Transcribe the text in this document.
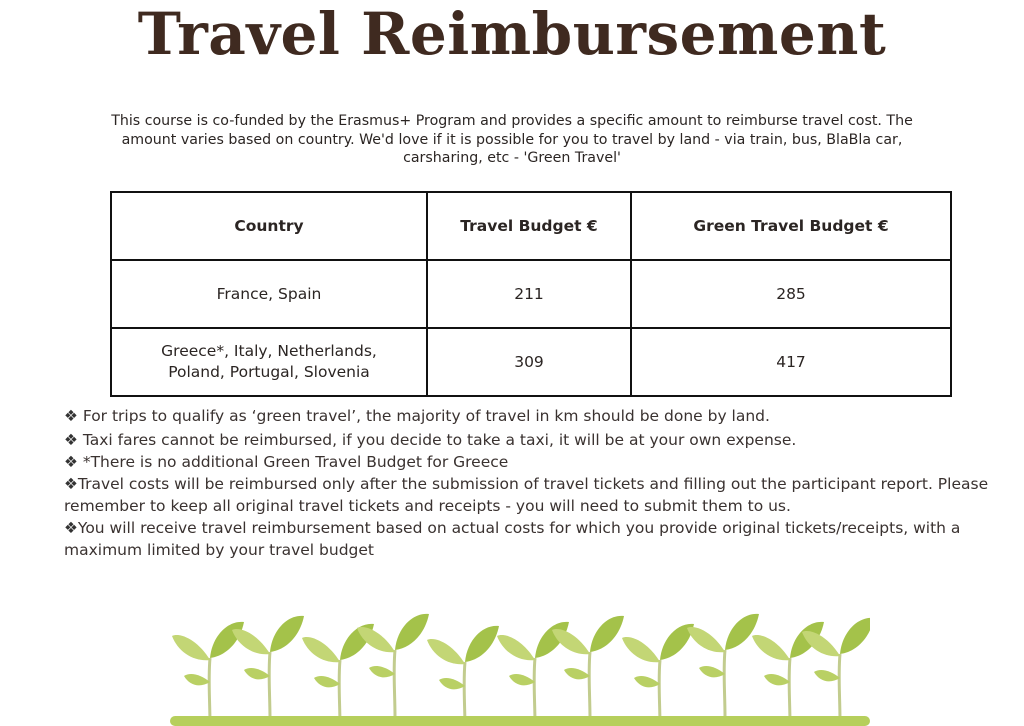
Travel Reimbursement

This course is co-funded by the Erasmus+ Program and provides a specific amount to reimburse travel cost. The amount varies based on country. We'd love if it is possible for you to travel by land - via train, bus, BlaBla car, carsharing, etc - 'Green Travel'

Country	Travel Budget €	Green Travel Budget €
France, Spain	211	285
Greece*, Italy, Netherlands, Poland, Portugal, Slovenia	309	417

❖ For trips to qualify as ‘green travel’, the majority of travel in km should be done by land.

❖ Taxi fares cannot be reimbursed, if you decide to take a taxi, it will be at your own expense.

❖ *There is no additional Green Travel Budget for Greece

❖Travel costs will be reimbursed only after the submission of travel tickets and filling out the participant report. Please remember to keep all original travel tickets and receipts - you will need to submit them to us.

❖You will receive travel reimbursement based on actual costs for which you provide original tickets/receipts, with a maximum limited by your travel budget
